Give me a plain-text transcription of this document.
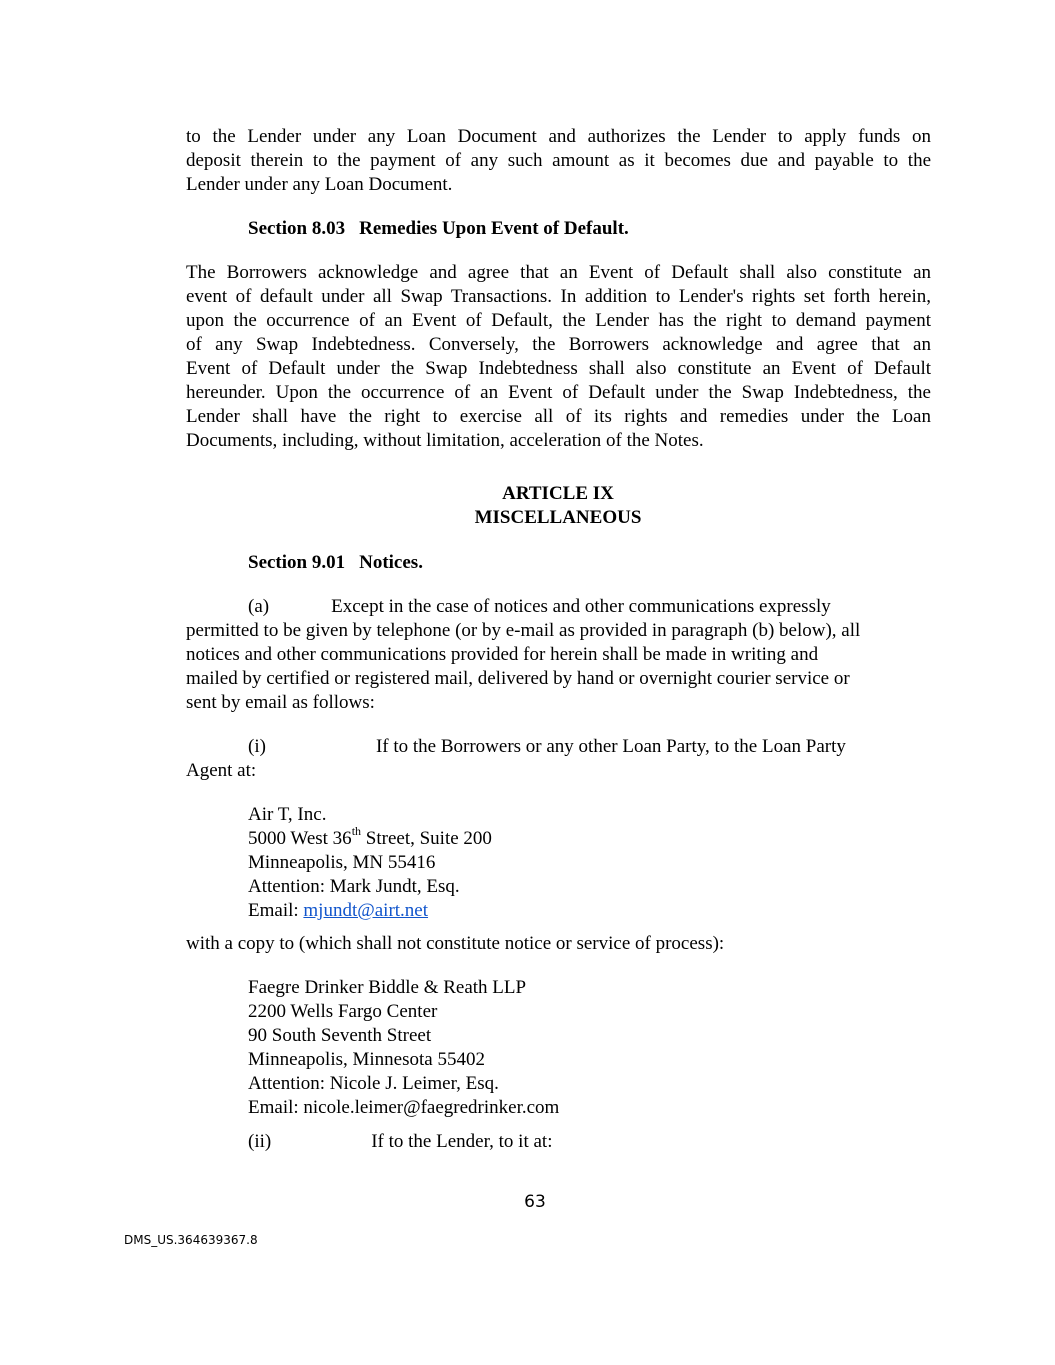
to the Lender under any Loan Document and authorizes the Lender to apply funds on
deposit therein to the payment of any such amount as it becomes due and payable to the
Lender under any Loan Document.
Section 8.03 Remedies Upon Event of Default.
The Borrowers acknowledge and agree that an Event of Default shall also constitute an
event of default under all Swap Transactions. In addition to Lender's rights set forth herein,
upon the occurrence of an Event of Default, the Lender has the right to demand payment
of any Swap Indebtedness. Conversely, the Borrowers acknowledge and agree that an
Event of Default under the Swap Indebtedness shall also constitute an Event of Default
hereunder. Upon the occurrence of an Event of Default under the Swap Indebtedness, the
Lender shall have the right to exercise all of its rights and remedies under the Loan
Documents, including, without limitation, acceleration of the Notes.
ARTICLE IX
MISCELLANEOUS
Section 9.01 Notices.
(a)	Except in the case of notices and other communications expressly
permitted to be given by telephone (or by e-mail as provided in paragraph (b) below), all
notices and other communications provided for herein shall be made in writing and
mailed by certified or registered mail, delivered by hand or overnight courier service or
sent by email as follows:
(i)	If to the Borrowers or any other Loan Party, to the Loan Party
Agent at:
Air T, Inc.
5000 West 36th Street, Suite 200
Minneapolis, MN 55416
Attention: Mark Jundt, Esq.
Email: mjundt@airt.net
with a copy to (which shall not constitute notice or service of process):
Faegre Drinker Biddle & Reath LLP
2200 Wells Fargo Center
90 South Seventh Street
Minneapolis, Minnesota 55402
Attention: Nicole J. Leimer, Esq.
Email: nicole.leimer@faegredrinker.com
(ii)	If to the Lender, to it at:
63
DMS_US.364639367.8
